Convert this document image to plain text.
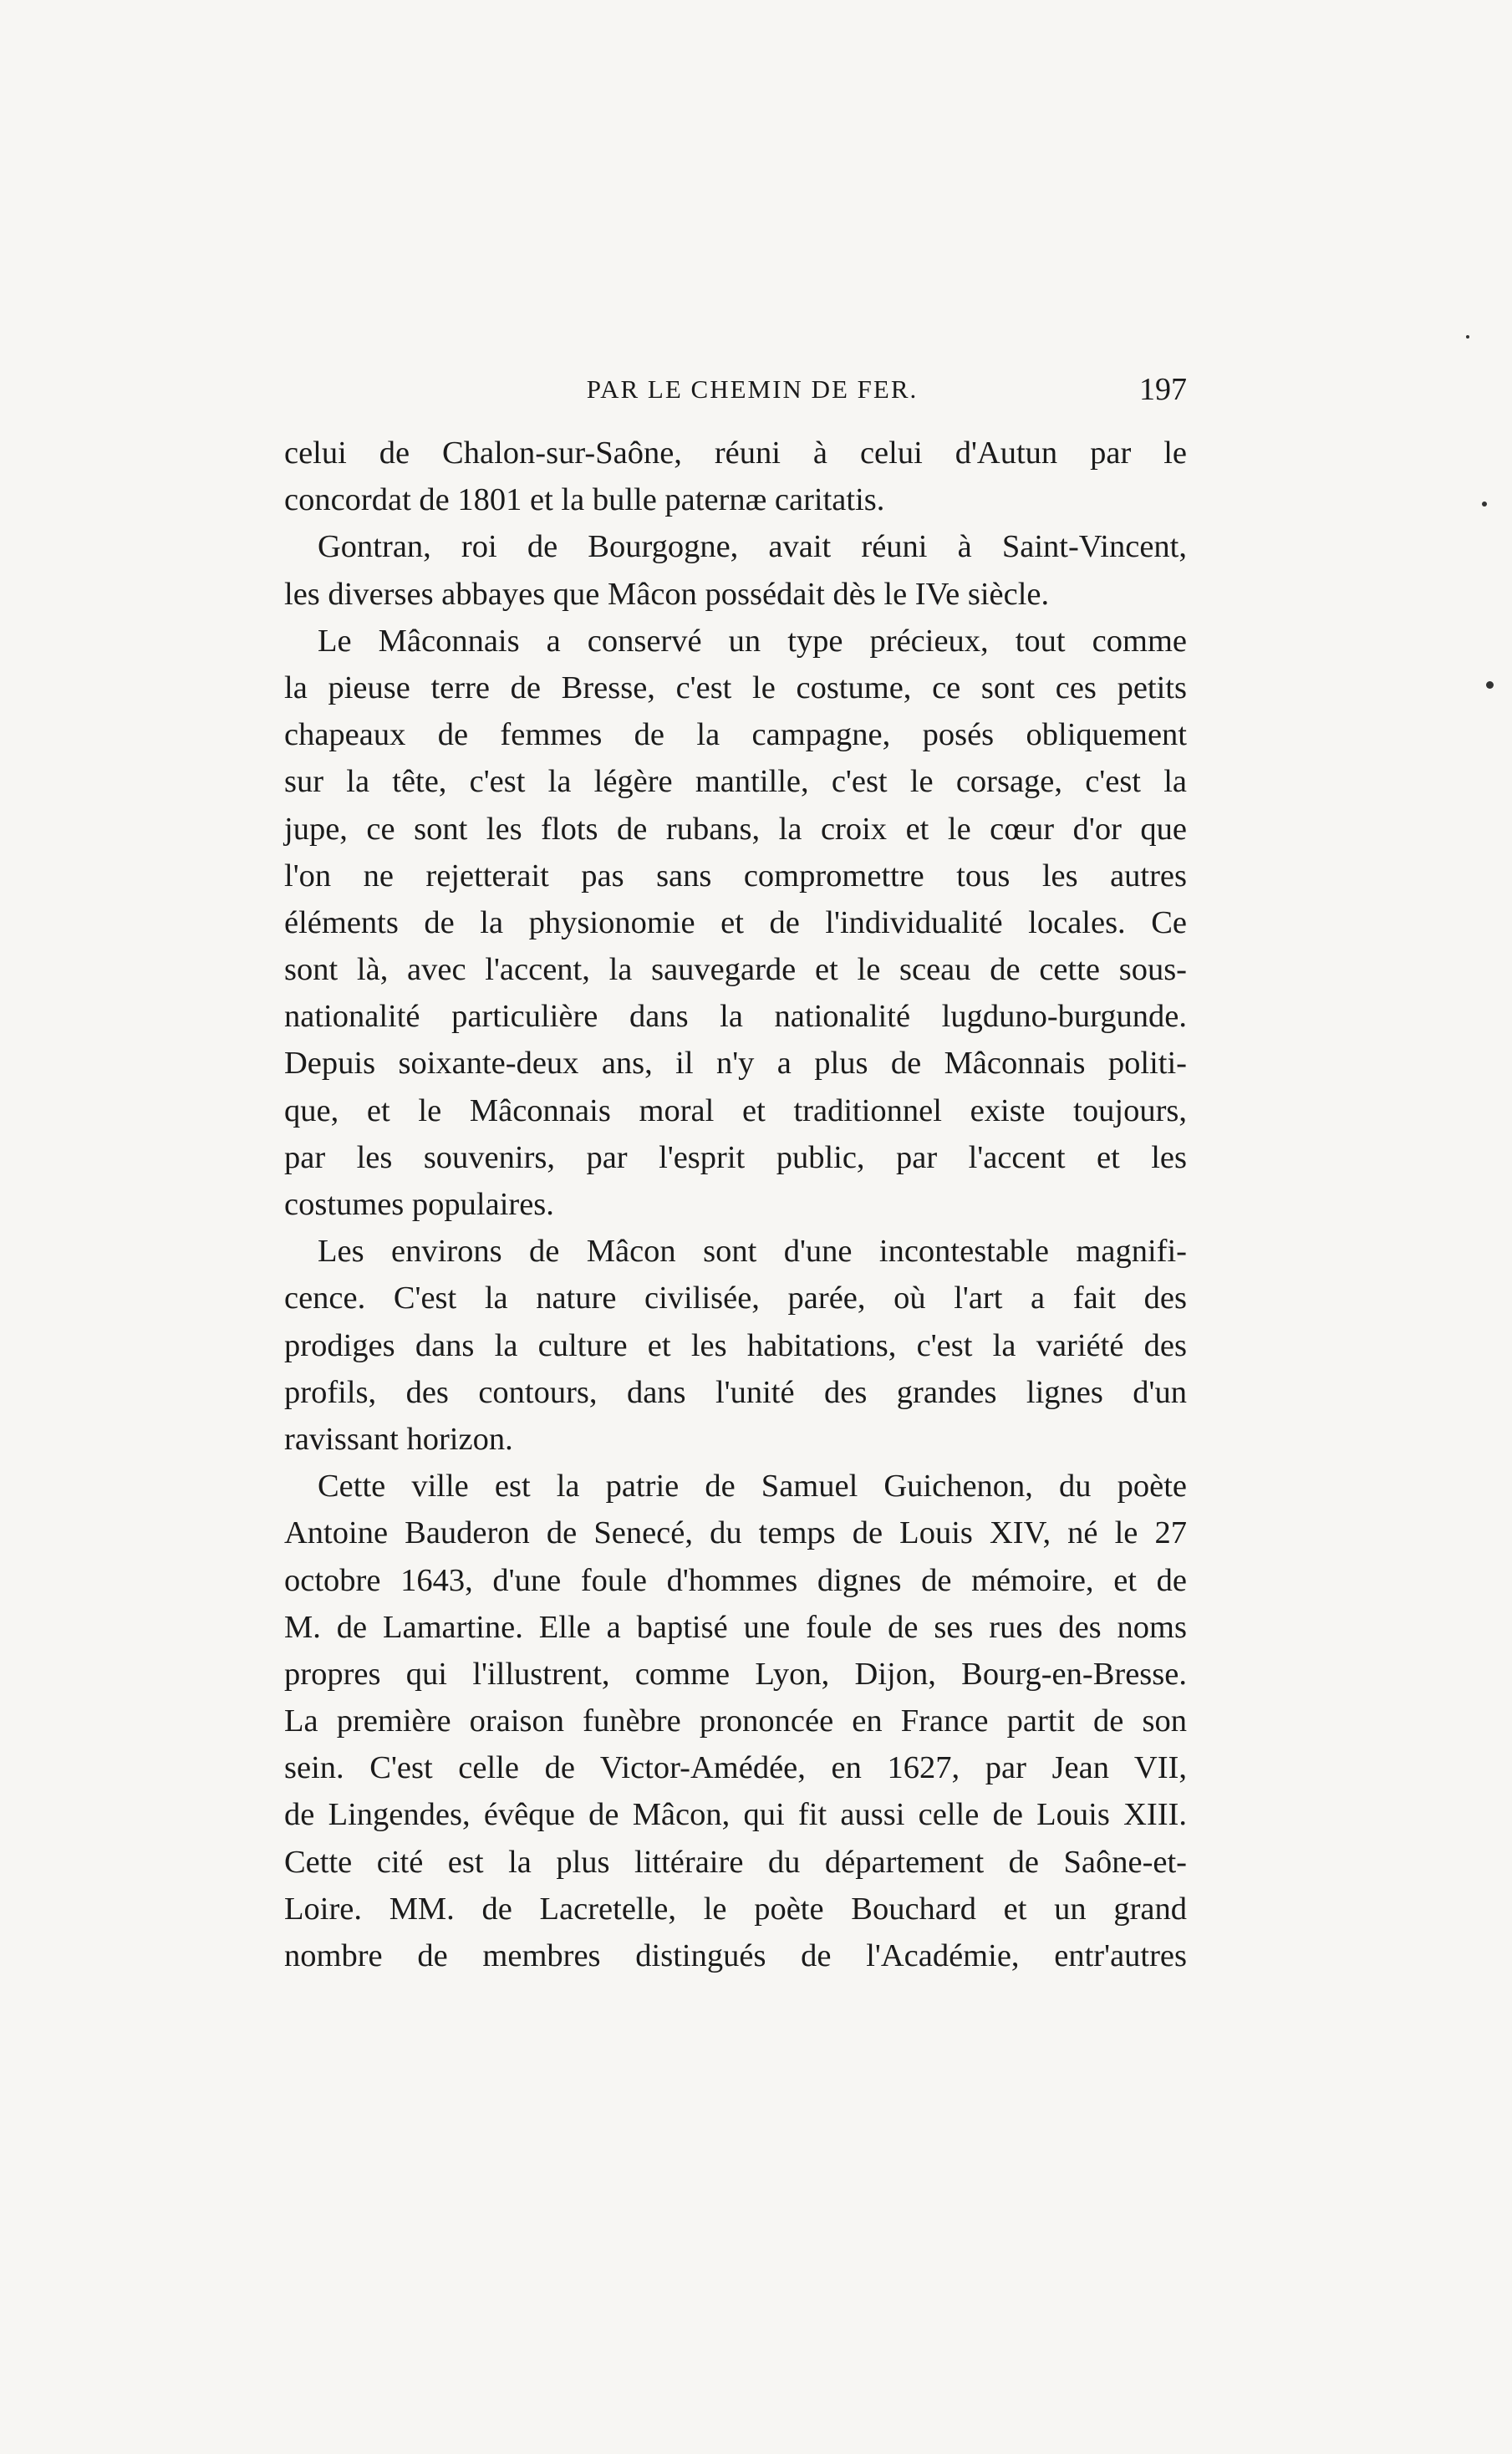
PAR LE CHEMIN DE FER.	197
celui de Chalon-sur-Saône, réuni à celui d'Autun par le
concordat de 1801 et la bulle paternæ caritatis.
Gontran, roi de Bourgogne, avait réuni à Saint-Vincent,
les diverses abbayes que Mâcon possédait dès le IVe siècle.
Le Mâconnais a conservé un type précieux, tout comme
la pieuse terre de Bresse, c'est le costume, ce sont ces petits
chapeaux de femmes de la campagne, posés obliquement
sur la tête, c'est la légère mantille, c'est le corsage, c'est la
jupe, ce sont les flots de rubans, la croix et le cœur d'or que
l'on ne rejetterait pas sans compromettre tous les autres
éléments de la physionomie et de l'individualité locales. Ce
sont là, avec l'accent, la sauvegarde et le sceau de cette sous-
nationalité particulière dans la nationalité lugduno-burgunde.
Depuis soixante-deux ans, il n'y a plus de Mâconnais politi-
que, et le Mâconnais moral et traditionnel existe toujours,
par les souvenirs, par l'esprit public, par l'accent et les
costumes populaires.
Les environs de Mâcon sont d'une incontestable magnifi-
cence. C'est la nature civilisée, parée, où l'art a fait des
prodiges dans la culture et les habitations, c'est la variété des
profils, des contours, dans l'unité des grandes lignes d'un
ravissant horizon.
Cette ville est la patrie de Samuel Guichenon, du poète
Antoine Bauderon de Senecé, du temps de Louis XIV, né le 27
octobre 1643, d'une foule d'hommes dignes de mémoire, et de
M. de Lamartine. Elle a baptisé une foule de ses rues des noms
propres qui l'illustrent, comme Lyon, Dijon, Bourg-en-Bresse.
La première oraison funèbre prononcée en France partit de son
sein. C'est celle de Victor-Amédée, en 1627, par Jean VII,
de Lingendes, évêque de Mâcon, qui fit aussi celle de Louis XIII.
Cette cité est la plus littéraire du département de Saône-et-
Loire. MM. de Lacretelle, le poète Bouchard et un grand
nombre de membres distingués de l'Académie, entr'autres
